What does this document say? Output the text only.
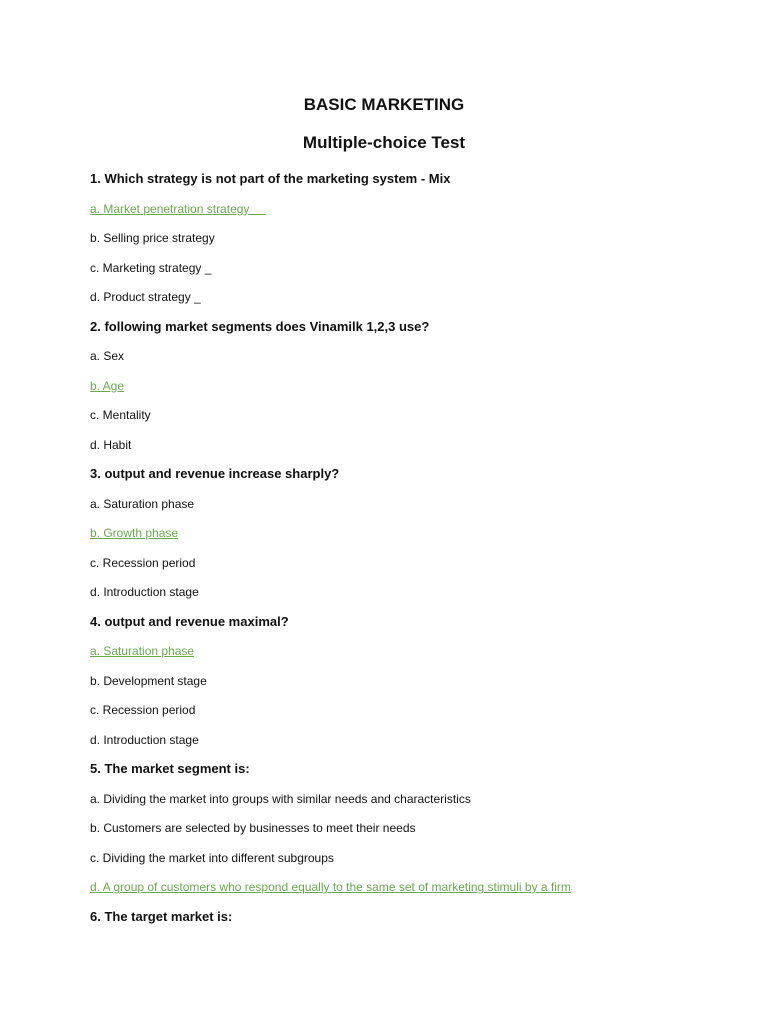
BASIC MARKETING
Multiple-choice Test

1. Which strategy is not part of the marketing system - Mix

a. Market penetration strategy

b. Selling price strategy

c. Marketing strategy _

d. Product strategy _

2. following market segments does Vinamilk 1,2,3 use?

a. Sex

b. Age

c. Mentality

d. Habit

3. output and revenue increase sharply?

a. Saturation phase

b. Growth phase

c. Recession period

d. Introduction stage

4. output and revenue maximal?

a. Saturation phase

b. Development stage

c. Recession period

d. Introduction stage

5. The market segment is:

a. Dividing the market into groups with similar needs and characteristics

b. Customers are selected by businesses to meet their needs

c. Dividing the market into different subgroups

d. A group of customers who respond equally to the same set of marketing stimuli by a firm

6. The target market is:
